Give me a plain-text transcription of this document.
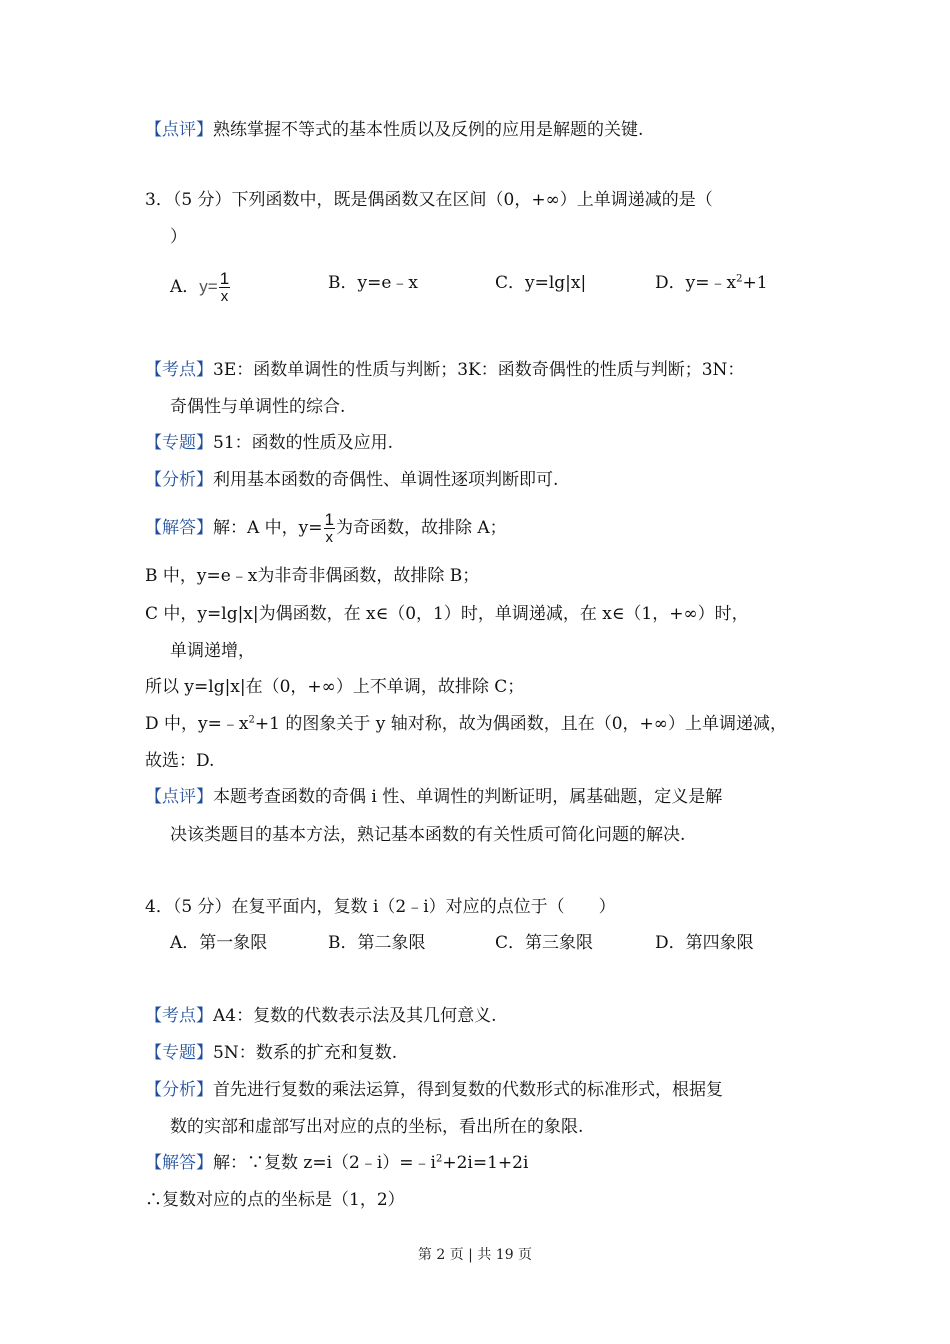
【点评】熟练掌握不等式的基本性质以及反例的应用是解题的关键.
3．（5 分）下列函数中，既是偶函数又在区间（0，+∞）上单调递减的是（
）
A．$y= \frac{1}{x}$	B．y=e﹣x	C．y=lg|x|	D．$y=﹣x^2+1$
【考点】3E：函数单调性的性质与判断；3K：函数奇偶性的性质与判断；3N：
奇偶性与单调性的综合.
【专题】51：函数的性质及应用.
【分析】利用基本函数的奇偶性、单调性逐项判断即可.
【解答】解：A 中，$y= \frac{1}{x}$ 为奇函数，故排除 A；
B 中，y=e﹣x为非奇非偶函数，故排除 B；
C 中，y=lg|x|为偶函数，在 x∈（0，1）时，单调递减，在 x∈（1，+∞）时，
单调递增，
所以 y=lg|x|在（0，+∞）上不单调，故排除 C；
D 中，$y=﹣x^2+1$ 的图象关于 y 轴对称，故为偶函数，且在（0，+∞）上单调递减，
故选：D.
【点评】本题考查函数的奇偶 i 性、单调性的判断证明，属基础题，定义是解
决该类题目的基本方法，熟记基本函数的有关性质可简化问题的解决.
4．（5 分）在复平面内，复数 i（2﹣i）对应的点位于（　　）
A．第一象限	B．第二象限	C．第三象限	D．第四象限
【考点】A4：复数的代数表示法及其几何意义.
【专题】5N：数系的扩充和复数.
【分析】首先进行复数的乘法运算，得到复数的代数形式的标准形式，根据复
数的实部和虚部写出对应的点的坐标，看出所在的象限.
【解答】解：∵复数 $z=i(2﹣i)=﹣i^2+2i=1+2i$
∴复数对应的点的坐标是（1，2）
第 2 页 | 共 19 页
